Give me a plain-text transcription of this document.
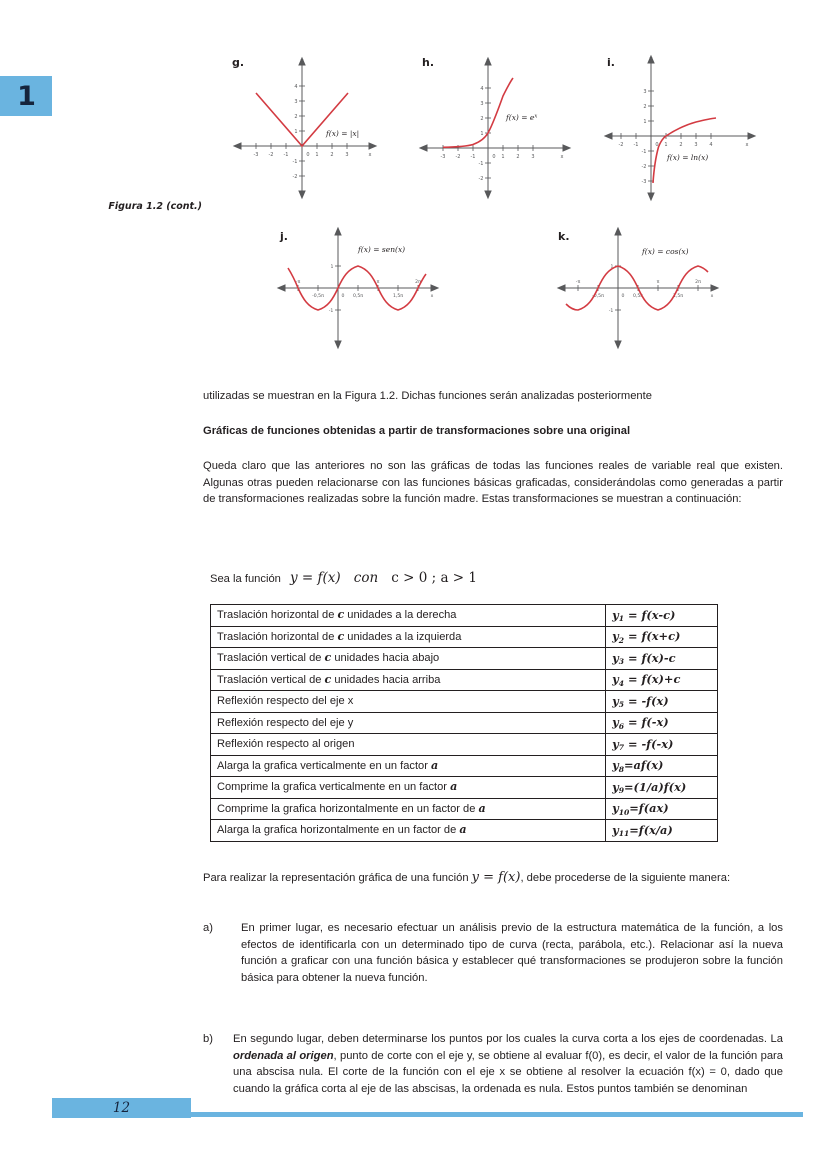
1
Figura 1.2 (cont.)
g.
-3 -2 -1	0 1 2 3	x
1
2
3
4
-1
-2
y
f(x) = |x|
h.
-3 -2 -1	0 1 2 3	x
1
2
3
4
-1
-2
y
$f(x) = e^x$
i.
-2 -1	0 1 2 3 4	x
1
2
3
-1
-2
-3
y
f(x) = ln(x)
j.
-π
-0,5π	0 0,5π
π
1,5π
2π
x
1
-1
y
f(x) = sen(x)
k.
-π
-0,5π	0 0,5π
π
1,5π
2π
x
1
-1
y
f(x) = cos(x)
utilizadas se muestran en la Figura 1.2. Dichas funciones serán analizadas posteriormente
Gráficas de funciones obtenidas a partir de transformaciones sobre una original
Queda claro que las anteriores no son las gráficas de todas las funciones reales de variable real que existen. Algunas otras pueden relacionarse con las funciones básicas graficadas, considerándolas como generadas a partir de transformaciones realizadas sobre la función madre. Estas transformaciones se muestran a continuación:
Sea la función y = f(x) con c > 0 ; a > 1
Traslación horizontal de c unidades a la derecha	$y_1 = f(x-c)$
Traslación horizontal de c unidades a la izquierda	$y_2 = f(x+c)$
Traslación vertical de c unidades hacia abajo	$y_3 = f(x)-c$
Traslación vertical de c unidades hacia arriba	$y_4 = f(x)+c$
Reflexión respecto del eje x	$y_5 = -f(x)$
Reflexión respecto del eje y	$y_6 = f(-x)$
Reflexión respecto al origen	$y_7 = -f(-x)$
Alarga la grafica verticalmente en un factor a	$y_8=af(x)$
Comprime la grafica verticalmente en un factor a	$y_9=(1/a)f(x)$
Comprime la grafica horizontalmente en un factor de a	$y_{10}=f(ax)$
Alarga la grafica horizontalmente en un factor de a	$y_{11}=f(x/a)$
Para realizar la representación gráfica de una función y = f(x), debe procederse de la siguiente manera:
a)	En primer lugar, es necesario efectuar un análisis previo de la estructura matemática de la función, a los efectos de identificarla con un determinado tipo de curva (recta, parábola, etc.). Relacionar así la nueva función a graficar con una función básica y establecer qué transformaciones se produjeron sobre la función básica para obtener la nueva función.
b)	En segundo lugar, deben determinarse los puntos por los cuales la curva corta a los ejes de coordenadas. La ordenada al origen, punto de corte con el eje y, se obtiene al evaluar f(0), es decir, el valor de la función para una abscisa nula. El corte de la función con el eje x se obtiene al resolver la ecuación f(x) = 0, dado que cuando la gráfica corta al eje de las abscisas, la ordenada es nula. Estos puntos también se denominan
12
